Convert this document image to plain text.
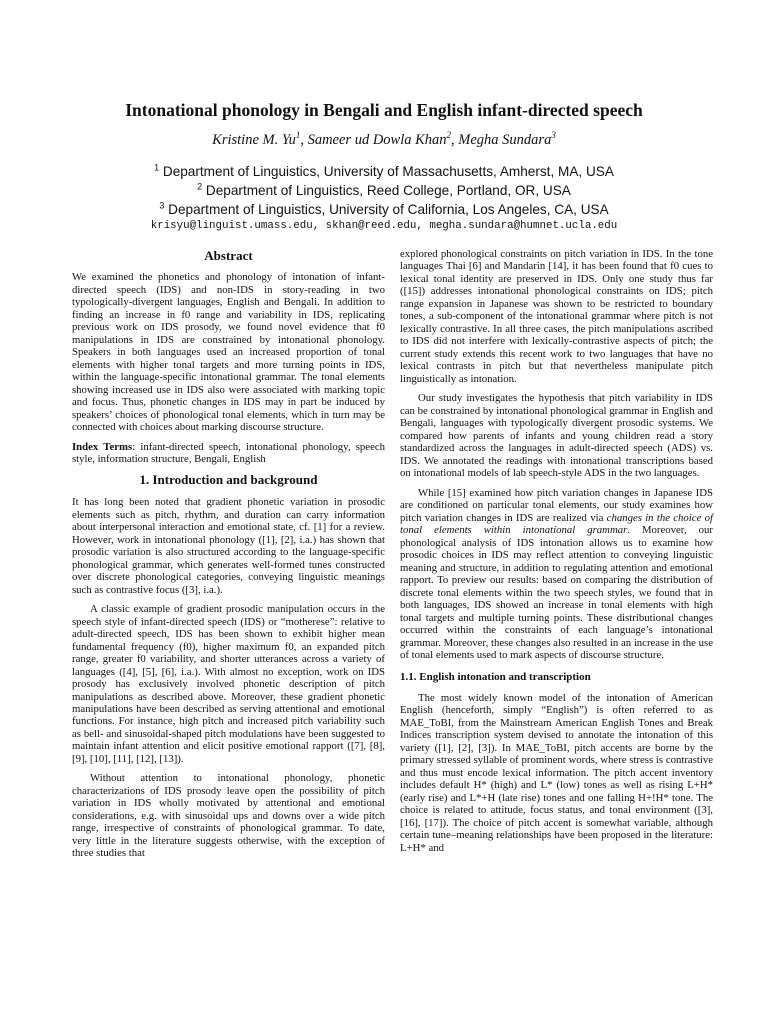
Intonational phonology in Bengali and English infant-directed speech
Kristine M. Yu$^1$, Sameer ud Dowla Khan$^2$, Megha Sundara$^3$
$^1$ Department of Linguistics, University of Massachusetts, Amherst, MA, USA
$^2$ Department of Linguistics, Reed College, Portland, OR, USA
$^3$ Department of Linguistics, University of California, Los Angeles, CA, USA
krisyu@linguist.umass.edu, skhan@reed.edu, megha.sundara@humnet.ucla.edu
Abstract

We examined the phonetics and phonology of intonation of infant-directed speech (IDS) and non-IDS in story-reading in two typologically-divergent languages, English and Bengali. In addition to finding an increase in f0 range and variability in IDS, replicating previous work on IDS prosody, we found novel evidence that f0 manipulations in IDS are constrained by intonational phonology. Speakers in both languages used an increased proportion of tonal elements with higher tonal targets and more turning points in IDS, within the language-specific intonational grammar. The tonal elements showing increased use in IDS also were associated with marking topic and focus. Thus, phonetic changes in IDS may in part be induced by speakers’ choices of phonological tonal elements, which in turn may be connected with choices about marking discourse structure.

Index Terms: infant-directed speech, intonational phonology, speech style, information structure, Bengali, English

1. Introduction and background

It has long been noted that gradient phonetic variation in prosodic elements such as pitch, rhythm, and duration can carry information about interpersonal interaction and emotional state, cf. [1] for a review. However, work in intonational phonology ([1], [2], i.a.) has shown that prosodic variation is also structured according to the language-specific phonological grammar, which generates well-formed tunes constructed over discrete phonological categories, conveying linguistic meanings such as contrastive focus ([3], i.a.).

A classic example of gradient prosodic manipulation occurs in the speech style of infant-directed speech (IDS) or “motherese”: relative to adult-directed speech, IDS has been shown to exhibit higher mean fundamental frequency (f0), higher maximum f0, an expanded pitch range, greater f0 variability, and shorter utterances across a variety of languages ([4], [5], [6], i.a.). With almost no exception, work on IDS prosody has exclusively involved phonetic description of pitch manipulations as described above. Moreover, these gradient phonetic manipulations have been described as serving attentional and emotional functions. For instance, high pitch and increased pitch variability such as bell- and sinusoidal-shaped pitch modulations have been suggested to maintain infant attention and elicit positive emotional rapport ([7], [8], [9], [10], [11], [12], [13]).

Without attention to intonational phonology, phonetic characterizations of IDS prosody leave open the possibility of pitch variation in IDS wholly motivated by attentional and emotional considerations, e.g. with sinusoidal ups and downs over a wide pitch range, irrespective of constraints of phonological grammar. To date, very little in the literature suggests otherwise, with the exception of three studies that

explored phonological constraints on pitch variation in IDS. In the tone languages Thai [6] and Mandarin [14], it has been found that f0 cues to lexical tonal identity are preserved in IDS. Only one study thus far ([15]) addresses intonational phonological constraints on IDS; pitch range expansion in Japanese was shown to be restricted to boundary tones, a sub-component of the intonational grammar where pitch is not lexically contrastive. In all three cases, the pitch manipulations ascribed to IDS did not interfere with lexically-contrastive aspects of pitch; the current study extends this recent work to two languages that have no lexical contrasts in pitch but that nevertheless manipulate pitch linguistically as intonation.

Our study investigates the hypothesis that pitch variability in IDS can be constrained by intonational phonological grammar in English and Bengali, languages with typologically divergent prosodic systems. We compared how parents of infants and young children read a story standardized across the languages in adult-directed speech (ADS) vs. IDS. We annotated the readings with intonational transcriptions based on intonational models of lab speech-style ADS in the two languages.

While [15] examined how pitch variation changes in Japanese IDS are conditioned on particular tonal elements, our study examines how pitch variation changes in IDS are realized via changes in the choice of tonal elements within intonational grammar. Moreover, our phonological analysis of IDS intonation allows us to examine how prosodic choices in IDS may reflect attention to conveying linguistic meaning and structure, in addition to regulating attention and emotional rapport. To preview our results: based on comparing the distribution of discrete tonal elements within the two speech styles, we found that in both languages, IDS showed an increase in tonal elements with high tonal targets and multiple turning points. These distributional changes occurred within the constraints of each language’s intonational grammar. Moreover, these changes also resulted in an increase in the use of tonal elements used to mark aspects of discourse structure.

1.1. English intonation and transcription

The most widely known model of the intonation of American English (henceforth, simply “English”) is often referred to as MAE_ToBI, from the Mainstream American English Tones and Break Indices transcription system devised to annotate the intonation of this variety ([1], [2], [3]). In MAE_ToBI, pitch accents are borne by the primary stressed syllable of prominent words, where stress is contrastive and thus must encode lexical information. The pitch accent inventory includes default H* (high) and L* (low) tones as well as rising L+H* (early rise) and L*+H (late rise) tones and one falling H+!H* tone. The choice is related to attitude, focus status, and tonal environment ([3], [16], [17]). The choice of pitch accent is somewhat variable, although certain tune–meaning relationships have been proposed in the literature: L+H* and
